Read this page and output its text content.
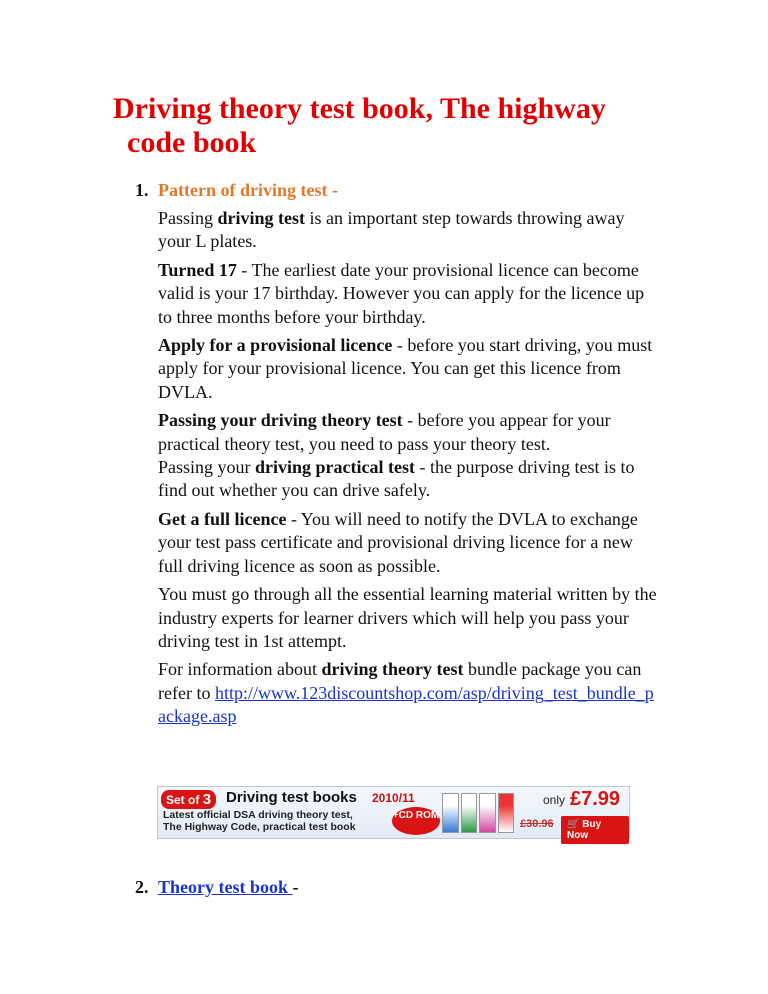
Driving theory test book, The highway code book
1. Pattern of driving test -

Passing driving test is an important step towards throwing away your L plates.

Turned 17 - The earliest date your provisional licence can become valid is your 17 birthday. However you can apply for the licence up to three months before your birthday.

Apply for a provisional licence - before you start driving, you must apply for your provisional licence. You can get this licence from DVLA.

Passing your driving theory test - before you appear for your practical theory test, you need to pass your theory test.

Passing your driving practical test - the purpose driving test is to find out whether you can drive safely.

Get a full licence - You will need to notify the DVLA to exchange your test pass certificate and provisional driving licence for a new full driving licence as soon as possible.

You must go through all the essential learning material written by the industry experts for learner drivers which will help you pass your driving test in 1st attempt.

For information about driving theory test bundle package you can refer to http://www.123discountshop.com/asp/driving_test_bundle_package.asp

Set of 3 Driving test books 2010/11
Latest official DSA driving theory test,
The Highway Code, practical test book
+CD ROM
only £7.99
£30.96	🛒 Buy Now
2. Theory test book -
